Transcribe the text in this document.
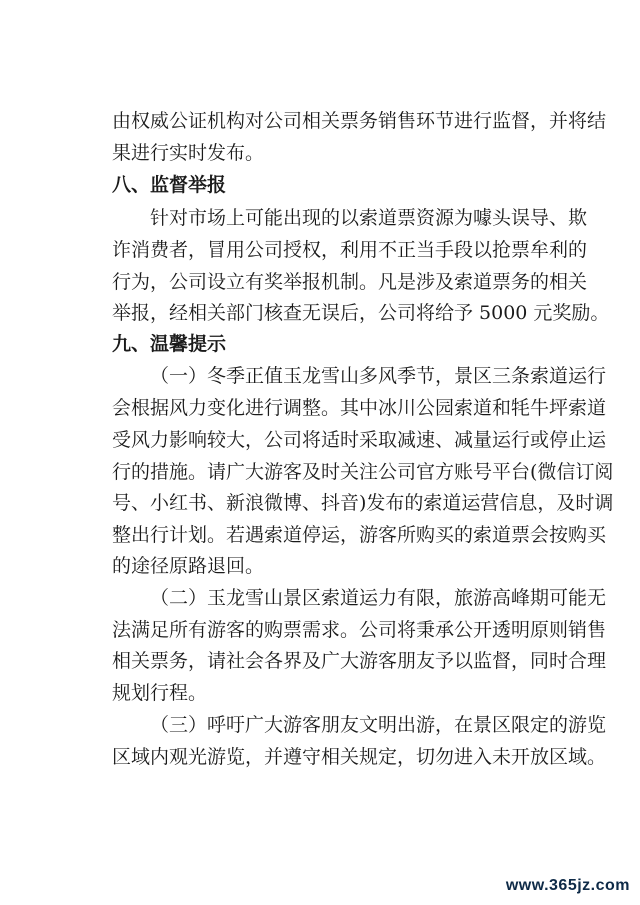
由权威公证机构对公司相关票务销售环节进行监督，并将结
果进行实时发布。
八、监督举报
针对市场上可能出现的以索道票资源为噱头误导、欺
诈消费者，冒用公司授权，利用不正当手段以抢票牟利的
行为，公司设立有奖举报机制。凡是涉及索道票务的相关
举报，经相关部门核查无误后，公司将给予 5000 元奖励。
九、温馨提示
（一）冬季正值玉龙雪山多风季节，景区三条索道运行
会根据风力变化进行调整。其中冰川公园索道和牦牛坪索道
受风力影响较大，公司将适时采取减速、减量运行或停止运
行的措施。请广大游客及时关注公司官方账号平台(微信订阅
号、小红书、新浪微博、抖音)发布的索道运营信息，及时调
整出行计划。若遇索道停运，游客所购买的索道票会按购买
的途径原路退回。
（二）玉龙雪山景区索道运力有限，旅游高峰期可能无
法满足所有游客的购票需求。公司将秉承公开透明原则销售
相关票务，请社会各界及广大游客朋友予以监督，同时合理
规划行程。
（三）呼吁广大游客朋友文明出游，在景区限定的游览
区域内观光游览，并遵守相关规定，切勿进入未开放区域。
www.365jz.com
